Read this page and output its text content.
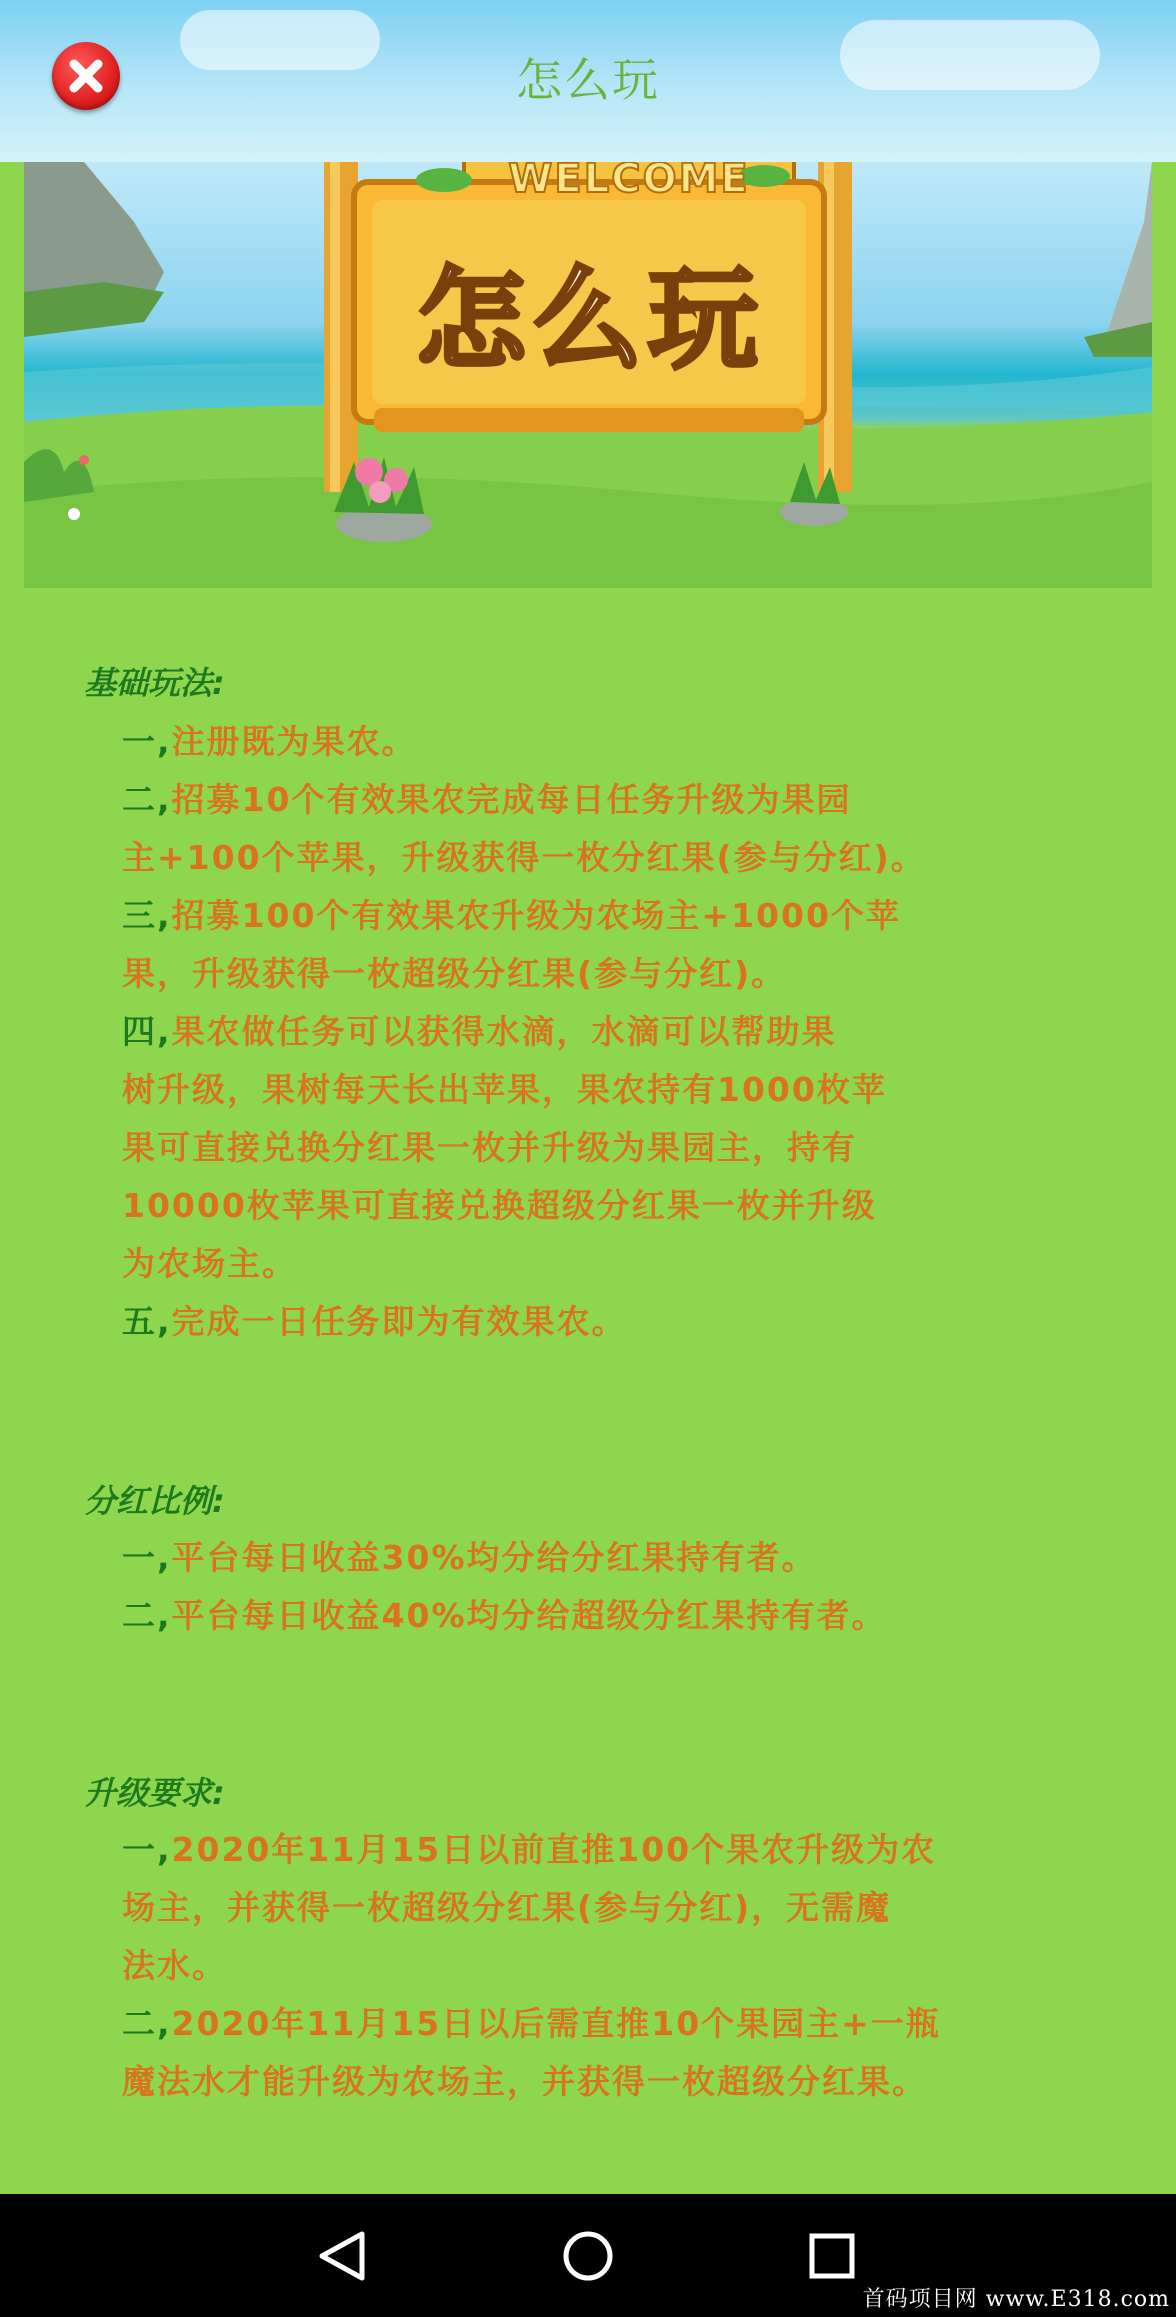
怎么玩
WELCOME
怎么玩
基础玩法:
一,注册既为果农。
二,招募10个有效果农完成每日任务升级为果园
主+100个苹果，升级获得一枚分红果(参与分红)。
三,招募100个有效果农升级为农场主+1000个苹
果，升级获得一枚超级分红果(参与分红)。
四,果农做任务可以获得水滴，水滴可以帮助果
树升级，果树每天长出苹果，果农持有1000枚苹
果可直接兑换分红果一枚并升级为果园主，持有
10000枚苹果可直接兑换超级分红果一枚并升级
为农场主。
五,完成一日任务即为有效果农。
分红比例:
一,平台每日收益30%均分给分红果持有者。
二,平台每日收益40%均分给超级分红果持有者。
升级要求:
一,2020年11月15日以前直推100个果农升级为农
场主，并获得一枚超级分红果(参与分红)，无需魔
法水。
二,2020年11月15日以后需直推10个果园主+一瓶
魔法水才能升级为农场主，并获得一枚超级分红果。
首码项目网 www.E318.com
